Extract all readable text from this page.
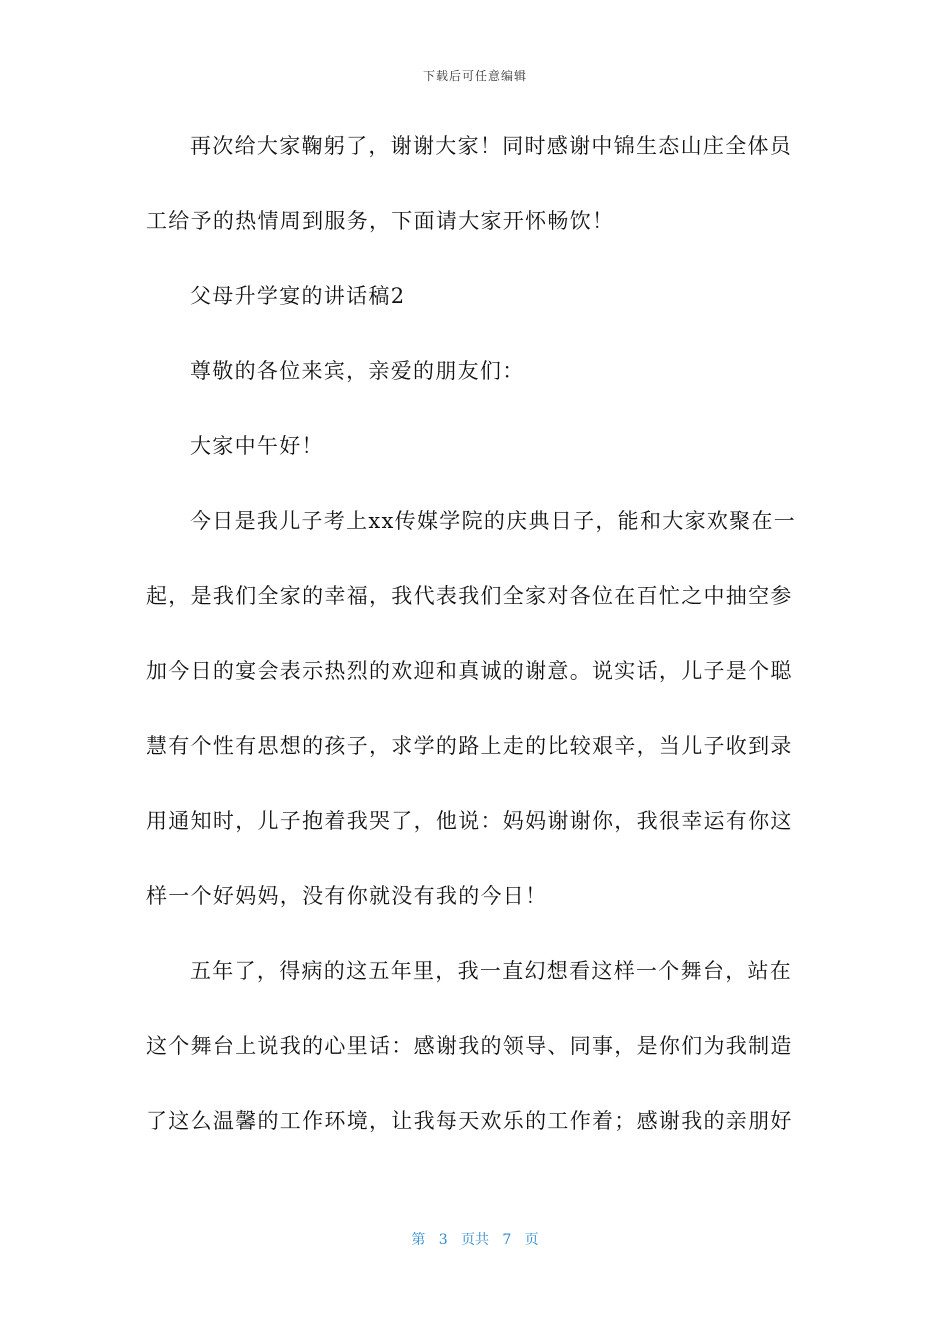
下载后可任意编辑
再次给大家鞠躬了，谢谢大家！同时感谢中锦生态山庄全体员
工给予的热情周到服务，下面请大家开怀畅饮！
父母升学宴的讲话稿2
尊敬的各位来宾，亲爱的朋友们：
大家中午好！
今日是我儿子考上xx传媒学院的庆典日子，能和大家欢聚在一
起，是我们全家的幸福，我代表我们全家对各位在百忙之中抽空参
加今日的宴会表示热烈的欢迎和真诚的谢意。说实话，儿子是个聪
慧有个性有思想的孩子，求学的路上走的比较艰辛，当儿子收到录
用通知时，儿子抱着我哭了，他说：妈妈谢谢你，我很幸运有你这
样一个好妈妈，没有你就没有我的今日！
五年了，得病的这五年里，我一直幻想看这样一个舞台，站在
这个舞台上说我的心里话：感谢我的领导、同事，是你们为我制造
了这么温馨的工作环境，让我每天欢乐的工作着；感谢我的亲朋好
第 3 页共 7 页
